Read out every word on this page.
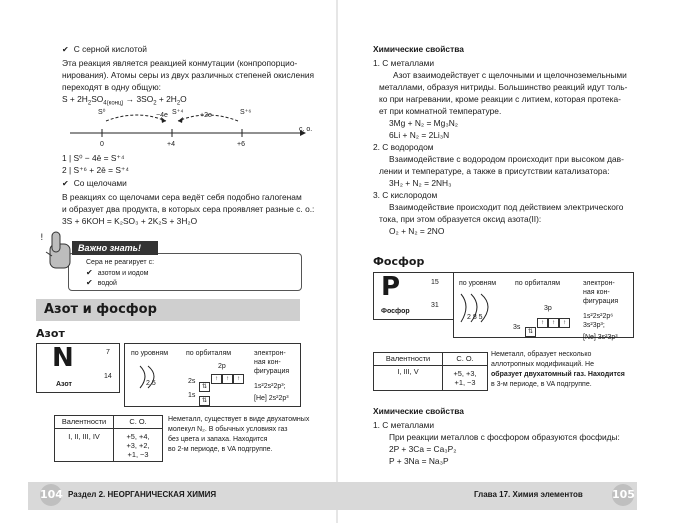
✔ С серной кислотой
Эта реакция является реакцией конмутации (конпропорцио-
нирования). Атомы серы из двух различных степеней окисления
переходят в одну общую:
$S + 2H_2SO_{4(конц)} \to 3SO_2 + 2H_2O$
S⁰	−4e S⁺⁴ +2e	S⁺⁶
с. о.
0	+4	+6
1 | S⁰ − 4ē = S⁺⁴
2 | S⁺⁶ + 2ē = S⁺⁴
✔ Со щелочами
В реакциях со щелочами сера ведёт себя подобно галогенам
и образует два продукта, в которых сера проявляет разные с. о.:
3S + 6KOH = K₂SO₃ + 2K₂S + 3H₂O
Важно знать!
!
Сера не реагирует с:
✔ азотом и иодом
✔ водой
Азот и фосфор
Азот
N	7
14
Азот
по уровням	по орбиталям	электрон-
ная кон-
фигурация
2 5
2p
2s
1s
↑ ↑ ↑
⇅
⇅
1s²2s²2p³;
[He] 2s²2p³
Валентности	С. О.
I, II, III, IV	+5, +4,
+3, +2,
+1, −3
Неметалл, существует в виде двухатомных
молекул N₂. В обычных условиях газ
без цвета и запаха. Находится
во 2-м периоде, в VA подгруппе.
Химические свойства
1. С металлами
Азот взаимодействует с щелочными и щелочноземельными
металлами, образуя нитриды. Большинство реакций идут толь-
ко при нагревании, кроме реакции с литием, которая протека-
ет при комнатной температуре.
3Mg + N₂ = Mg₃N₂
6Li + N₂ = 2Li₃N
2. С водородом
Взаимодействие с водородом происходит при высоком дав-
лении и температуре, а также в присутствии катализатора:
3H₂ + N₂ = 2NH₃
3. С кислородом
Взаимодействие происходит под действием электрического
тока, при этом образуется оксид азота(II):
O₂ + N₂ = 2NO
Фосфор
P	15
31
Фосфор
по уровням	по орбиталям	электрон-
ная кон-
фигурация
2 8 5
3p
3s
↑ ↑ ↑
⇅
1s²2s²2p⁶
3s²3p³;
[Ne] 3s²3p³
Валентности	С. О.
I, III, V	+5, +3,
+1, −3
Неметалл, образует несколько
аллотропных модификаций. Не
образует двухатомный газ. Находится
в 3-м периоде, в VA подгруппе.
Химические свойства
1. С металлами
При реакции металлов с фосфором образуются фосфиды:
2P + 3Ca = Ca₃P₂
P + 3Na = Na₃P
104 Раздел 2. НЕОРГАНИЧЕСКАЯ ХИМИЯ	Глава 17. Химия элементов	105
